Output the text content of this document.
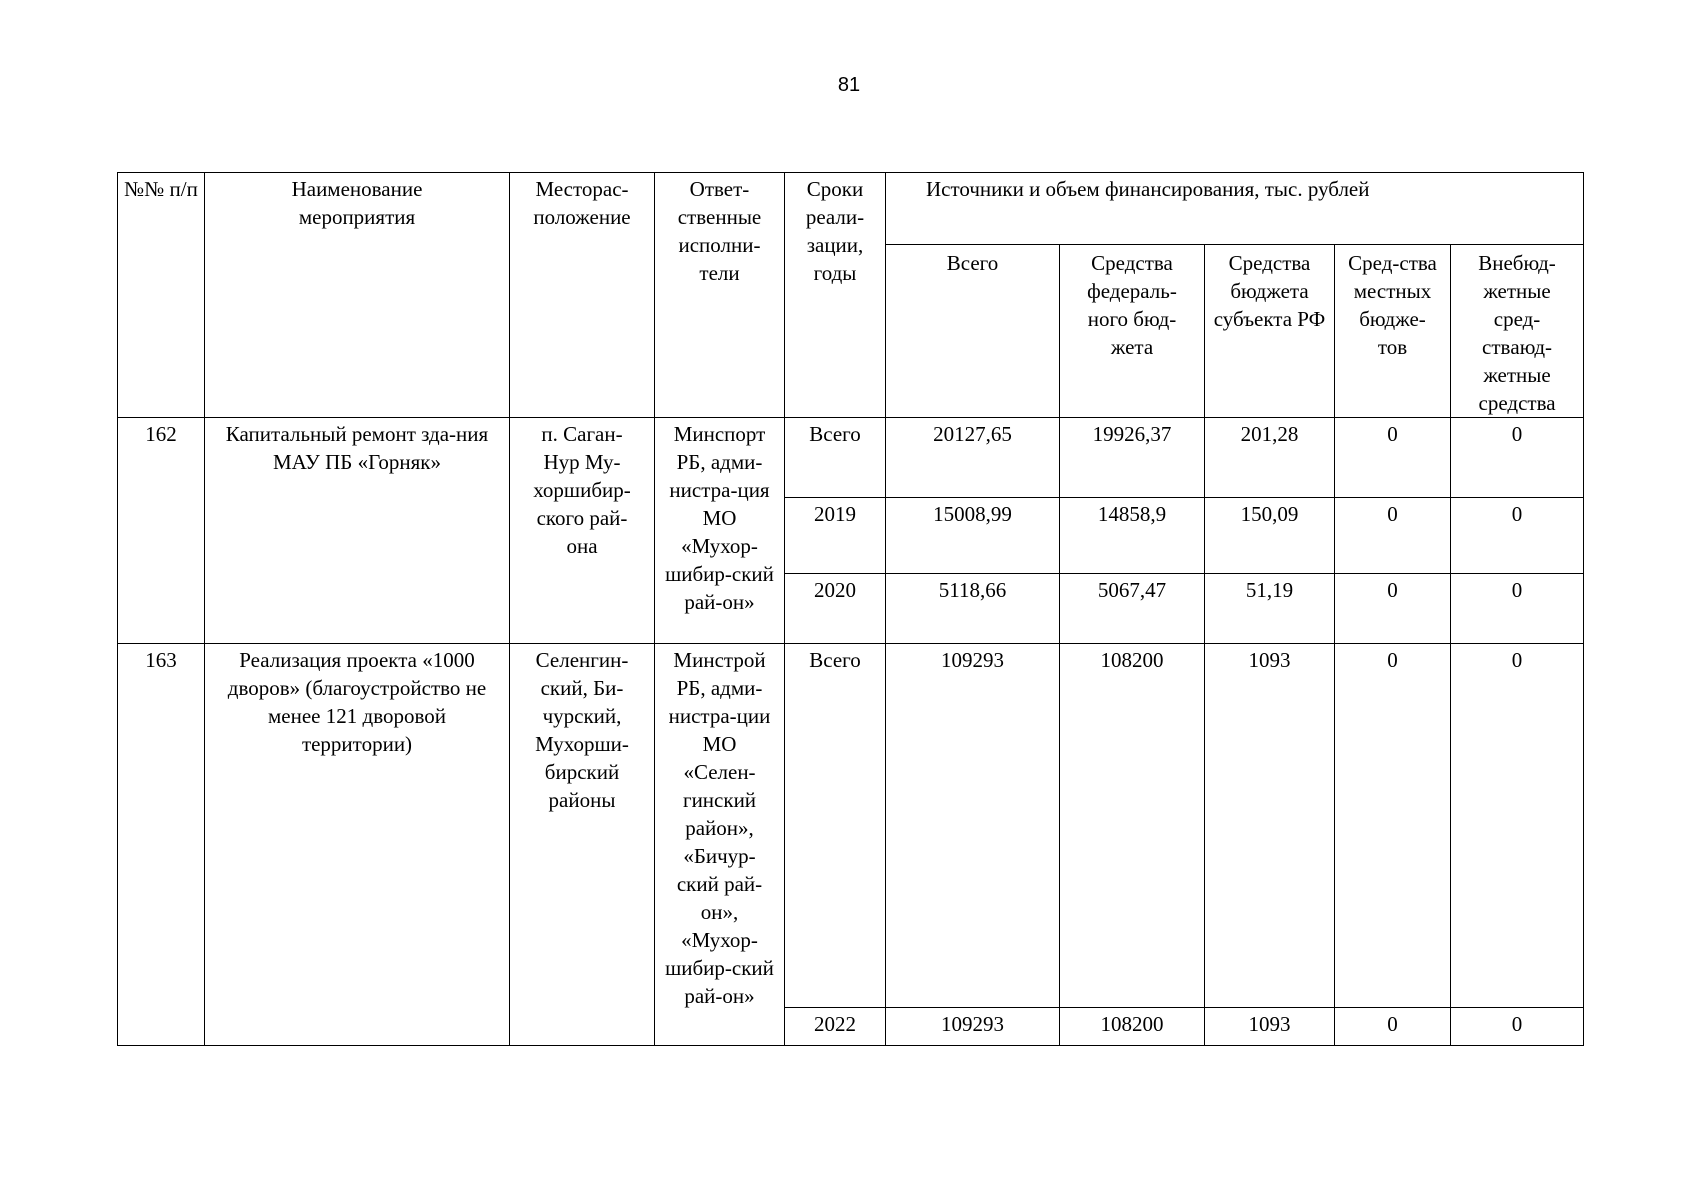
81
№№ п/п	Наименование мероприятия	Местораc-положение	Ответ-ственные исполни-тели	Сроки реали-зации, годы	Источники и объем финансирования, тыс. рублей				
					Всего	Средства федераль-ного бюд-жета	Средства бюджета субъекта РФ	Сред-ства местных бюдже-тов	Внебюд-жетные сред-ствaюд-жетные средства
162	Капитальный ремонт зда-ния МАУ ПБ «Горняк»	п. Саган-Нур Му-хоршибир-ского рай-она	Минспорт РБ, адми-нистра-ция МО «Мухор-шибир-ский рай-он»	Всего	20127,65	19926,37	201,28	0	0
				2019	15008,99	14858,9	150,09	0	0
				2020	5118,66	5067,47	51,19	0	0
163	Реализация проекта «1000 дворов» (благоустройство не менее 121 дворовой территории)	Селенгин-ский, Би-чурский, Мухорши-бирский районы	Минстрой РБ, адми-нистра-ции МО «Селен-гинский район», «Бичур-ский рай-он», «Мухор-шибир-ский рай-он»	Всего	109293	108200	1093	0	0
				2022	109293	108200	1093	0	0
